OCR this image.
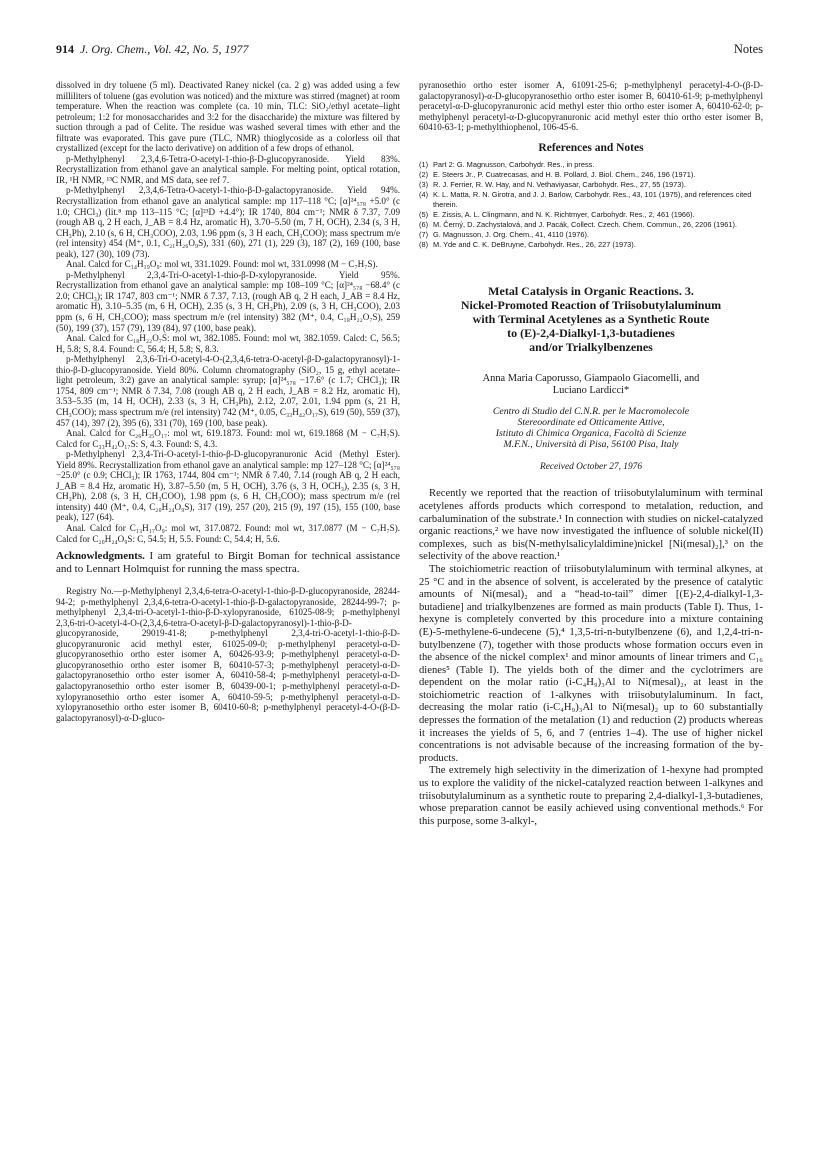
914 J. Org. Chem., Vol. 42, No. 5, 1977	Notes

dissolved in dry toluene (5 ml). Deactivated Raney nickel (ca. 2 g) was added using a few milliliters of toluene (gas evolution was noticed) and the mixture was stirred (magnet) at room temperature. When the reaction was complete (ca. 10 min, TLC: SiO₂/ethyl acetate–light petroleum; 1:2 for monosaccharides and 3:2 for the disaccharide) the mixture was filtered by suction through a pad of Celite. The residue was washed several times with ether and the filtrate was evaporated. This gave pure (TLC, NMR) thioglycoside as a colorless oil that crystallized (except for the lacto derivative) on addition of a few drops of ethanol.

p-Methylphenyl 2,3,4,6-Tetra-O-acetyl-1-thio-β-D-glucopyranoside. Yield 83%. Recrystallization from ethanol gave an analytical sample. For melting point, optical rotation, IR, ¹H NMR, ¹³C NMR, and MS data, see ref 7.

p-Methylphenyl 2,3,4,6-Tetra-O-acetyl-1-thio-β-D-galactopyranoside. Yield 94%. Recrystallization from ethanol gave an analytical sample: mp 117–118 °C; [α]²⁴₅₇₈ +5.0° (c 1.0; CHCl₃) (lit.⁸ mp 113–115 °C; [α]²³D +4.4°); IR 1740, 804 cm⁻¹; NMR δ 7.37, 7.09 (rough AB q, 2 H each, J_AB = 8.4 Hz, aromatic H), 3.70–5.50 (m, 7 H, OCH), 2.34 (s, 3 H, CH₃Ph), 2.10 (s, 6 H, CH₃COO), 2.03, 1.96 ppm (s, 3 H each, CH₃COO); mass spectrum m/e (rel intensity) 454 (M⁺, 0.1, C₂₁H₂₆O₉S), 331 (60), 271 (1), 229 (3), 187 (2), 169 (100, base peak), 127 (30), 109 (73).

Anal. Calcd for C₁₄H₁₉O₉: mol wt, 331.1029. Found: mol wt, 331.0998 (M − C₇H₇S).

p-Methylphenyl 2,3,4-Tri-O-acetyl-1-thio-β-D-xylopyranoside. Yield 95%. Recrystallization from ethanol gave an analytical sample: mp 108–109 °C; [α]²⁴₅₇₈ −68.4° (c 2.0; CHCl₃); IR 1747, 803 cm⁻¹; NMR δ 7.37, 7.13, (rough AB q, 2 H each, J_AB = 8.4 Hz, aromatic H), 3.10–5.35 (m, 6 H, OCH), 2.35 (s, 3 H, CH₃Ph), 2.09 (s, 3 H, CH₃COO), 2.03 ppm (s, 6 H, CH₃COO); mass spectrum m/e (rel intensity) 382 (M⁺, 0.4, C₁₈H₂₂O₇S), 259 (50), 199 (37), 157 (79), 139 (84), 97 (100, base peak).

Anal. Calcd for C₁₈H₂₂O₇S: mol wt, 382.1085. Found: mol wt, 382.1059. Calcd: C, 56.5; H, 5.8; S, 8.4. Found: C, 56.4; H, 5.8; S, 8.3.

p-Methylphenyl 2,3,6-Tri-O-acetyl-4-O-(2,3,4,6-tetra-O-acetyl-β-D-galactopyranosyl)-1-thio-β-D-glucopyranoside. Yield 80%. Column chromatography (SiO₂, 15 g, ethyl acetate–light petroleum, 3:2) gave an analytical sample: syrup; [α]²⁴₅₇₈ −17.6° (c 1.7; CHCl₃); IR 1754, 809 cm⁻¹; NMR δ 7.34, 7.08 (rough AB q, 2 H each, J_AB = 8.2 Hz, aromatic H), 3.53–5.35 (m, 14 H, OCH), 2.33 (s, 3 H, CH₃Ph), 2.12, 2.07, 2.01, 1.94 ppm (s, 21 H, CH₃COO); mass spectrum m/e (rel intensity) 742 (M⁺, 0.05, C₃₃H₄₂O₁₇S), 619 (50), 559 (37), 457 (14), 397 (2), 395 (6), 331 (70), 169 (100, base peak).

Anal. Calcd for C₂₆H₃₅O₁₇: mol wt, 619.1873. Found: mol wt, 619.1868 (M − C₇H₇S). Calcd for C₃₃H₄₂O₁₇S: S, 4.3. Found: S, 4.3.

p-Methylphenyl 2,3,4-Tri-O-acetyl-1-thio-β-D-glucopyranuronic Acid (Methyl Ester). Yield 89%. Recrystallization from ethanol gave an analytical sample: mp 127–128 °C; [α]²⁴₅₇₈ −25.0° (c 0.9; CHCl₃); IR 1763, 1744, 804 cm⁻¹; NMR δ 7.40, 7.14 (rough AB q, 2 H each, J_AB = 8.4 Hz, aromatic H), 3.87–5.50 (m, 5 H, OCH), 3.76 (s, 3 H, OCH₃), 2.35 (s, 3 H, CH₃Ph), 2.08 (s, 3 H, CH₃COO), 1.98 ppm (s, 6 H, CH₃COO); mass spectrum m/e (rel intensity) 440 (M⁺, 0.4, C₂₀H₂₄O₉S), 317 (19), 257 (20), 215 (9), 197 (15), 155 (100, base peak), 127 (64).

Anal. Calcd for C₁₃H₁₇O₉: mol wt, 317.0872. Found: mol wt, 317.0877 (M − C₇H₇S). Calcd for C₂₀H₂₄O₉S: C, 54.5; H, 5.5. Found: C, 54.4; H, 5.6.

Acknowledgments. I am grateful to Birgit Boman for technical assistance and to Lennart Holmquist for running the mass spectra.

Registry No.—p-Methylphenyl 2,3,4,6-tetra-O-acetyl-1-thio-β-D-glucopyranoside, 28244-94-2; p-methylphenyl 2,3,4,6-tetra-O-acetyl-1-thio-β-D-galactopyranoside, 28244-99-7; p-methylphenyl 2,3,4-tri-O-acetyl-1-thio-β-D-xylopyranoside, 61025-08-9; p-methylphenyl 2,3,6-tri-O-acetyl-4-O-(2,3,4,6-tetra-O-acetyl-β-D-galactopyranosyl)-1-thio-β-D-glucopyranoside, 29019-41-8; p-methylphenyl 2,3,4-tri-O-acetyl-1-thio-β-D-glucopyranuronic acid methyl ester, 61025-09-0; p-methylphenyl peracetyl-α-D-glucopyranosethio ortho ester isomer A, 60426-93-9; p-methylphenyl peracetyl-α-D-glucopyranosethio ortho ester isomer B, 60410-57-3; p-methylphenyl peracetyl-α-D-galactopyranosethio ortho ester isomer A, 60410-58-4; p-methylphenyl peracetyl-α-D-galactopyranosethio ortho ester isomer B, 60439-00-1; p-methylphenyl peracetyl-α-D-xylopyranosethio ortho ester isomer A, 60410-59-5; p-methylphenyl peracetyl-α-D-xylopyranosethio ortho ester isomer B, 60410-60-8; p-methylphenyl peracetyl-4-O-(β-D-galactopyranosyl)-α-D-gluco-

pyranosethio ortho ester isomer A, 61091-25-6; p-methylphenyl peracetyl-4-O-(β-D-galactopyranosyl)-α-D-glucopyranosethio ortho ester isomer B, 60410-61-9; p-methylphenyl peracetyl-α-D-glucopyranuronic acid methyl ester thio ortho ester isomer A, 60410-62-0; p-methylphenyl peracetyl-α-D-glucopyranuronic acid methyl ester thio ortho ester isomer B, 60410-63-1; p-methylthiophenol, 106-45-6.

References and Notes
(1) Part 2: G. Magnusson, Carbohydr. Res., in press.
(2) E. Steers Jr., P. Cuatrecasas, and H. B. Pollard, J. Biol. Chem., 246, 196 (1971).
(3) R. J. Ferrier, R. W. Hay, and N. Vethaviyasar, Carbohydr. Res., 27, 55 (1973).
(4) K. L. Matta, R. N. Girotra, and J. J. Barlow, Carbohydr. Res., 43, 101 (1975), and references cited therein.
(5) E. Zissis, A. L. Clingmann, and N. K. Richtmyer, Carbohydr. Res., 2, 461 (1966).
(6) M. Černý, D. Zachystalová, and J. Pacák, Collect. Czech. Chem. Commun., 26, 2206 (1961).
(7) G. Magnusson, J. Org. Chem., 41, 4110 (1976).
(8) M. Yde and C. K. DeBruyne, Carbohydr. Res., 26, 227 (1973).
Metal Catalysis in Organic Reactions. 3.
Nickel-Promoted Reaction of Triisobutylaluminum
with Terminal Acetylenes as a Synthetic Route
to (E)-2,4-Dialkyl-1,3-butadienes
and/or Trialkylbenzenes
Anna Maria Caporusso, Giampaolo Giacomelli, and
Luciano Lardicci*
Centro di Studio del C.N.R. per le Macromolecole
Stereoordinate ed Otticamente Attive,
Istituto di Chimica Organica, Facoltà di Scienze
M.F.N., Università di Pisa, 56100 Pisa, Italy
Received October 27, 1976

Recently we reported that the reaction of triisobutylaluminum with terminal acetylenes affords products which correspond to metalation, reduction, and carbalumination of the substrate.¹ In connection with studies on nickel-catalyzed organic reactions,² we have now investigated the influence of soluble nickel(II) complexes, such as bis(N-methylsalicylaldimine)nickel [Ni(mesal)₂],³ on the selectivity of the above reaction.¹

The stoichiometric reaction of triisobutylaluminum with terminal alkynes, at 25 °C and in the absence of solvent, is accelerated by the presence of catalytic amounts of Ni(mesal)₂ and a “head-to-tail” dimer [(E)-2,4-dialkyl-1,3-butadiene] and trialkylbenzenes are formed as main products (Table I). Thus, 1-hexyne is completely converted by this procedure into a mixture containing (E)-5-methylene-6-undecene (5),⁴ 1,3,5-tri-n-butylbenzene (6), and 1,2,4-tri-n-butylbenzene (7), together with those products whose formation occurs even in the absence of the nickel complex¹ and minor amounts of linear trimers and C₁₆ dienes⁵ (Table I). The yields both of the dimer and the cyclotrimers are dependent on the molar ratio (i-C₄H₉)₃Al to Ni(mesal)₂, at least in the stoichiometric reaction of 1-alkynes with triisobutylaluminum. In fact, decreasing the molar ratio (i-C₄H₉)₃Al to Ni(mesal)₂ up to 60 substantially depresses the formation of the metalation (1) and reduction (2) products whereas it increases the yields of 5, 6, and 7 (entries 1–4). The use of higher nickel concentrations is not advisable because of the increasing formation of the by-products.

The extremely high selectivity in the dimerization of 1-hexyne had prompted us to explore the validity of the nickel-catalyzed reaction between 1-alkynes and triisobutylaluminum as a synthetic route to preparing 2,4-dialkyl-1,3-butadienes, whose preparation cannot be easily achieved using conventional methods.⁶ For this purpose, some 3-alkyl-,
